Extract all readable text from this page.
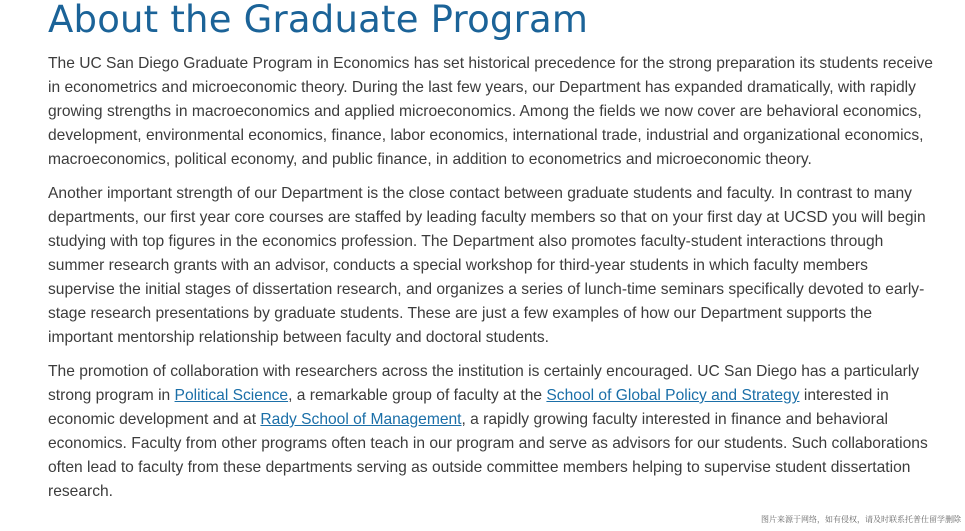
About the Graduate Program

The UC San Diego Graduate Program in Economics has set historical precedence for the strong preparation its students receive in econometrics and microeconomic theory. During the last few years, our Department has expanded dramatically, with rapidly growing strengths in macroeconomics and applied microeconomics. Among the fields we now cover are behavioral economics, development, environmental economics, finance, labor economics, international trade, industrial and organizational economics, macroeconomics, political economy, and public finance, in addition to econometrics and microeconomic theory.

Another important strength of our Department is the close contact between graduate students and faculty. In contrast to many departments, our first year core courses are staffed by leading faculty members so that on your first day at UCSD you will begin studying with top figures in the economics profession. The Department also promotes faculty-student interactions through summer research grants with an advisor, conducts a special workshop for third-year students in which faculty members supervise the initial stages of dissertation research, and organizes a series of lunch-time seminars specifically devoted to early-stage research presentations by graduate students. These are just a few examples of how our Department supports the important mentorship relationship between faculty and doctoral students.

The promotion of collaboration with researchers across the institution is certainly encouraged. UC San Diego has a particularly strong program in Political Science, a remarkable group of faculty at the School of Global Policy and Strategy interested in economic development and at Rady School of Management, a rapidly growing faculty interested in finance and behavioral economics. Faculty from other programs often teach in our program and serve as advisors for our students. Such collaborations often lead to faculty from these departments serving as outside committee members helping to supervise student dissertation research.

图片来源于网络，如有侵权，请及时联系托普仕留学删除
